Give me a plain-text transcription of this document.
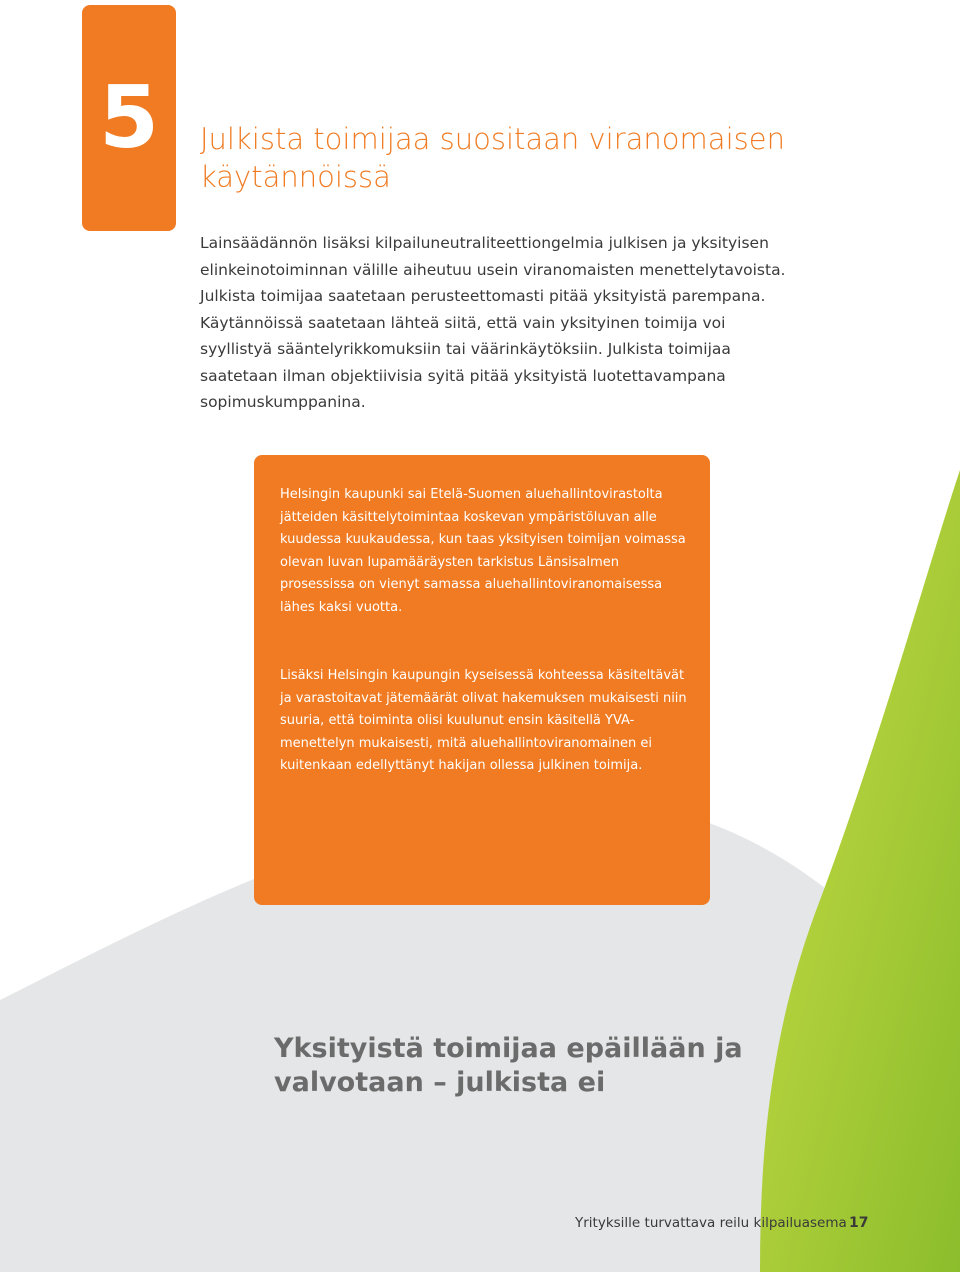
5	Julkista toimijaa suositaan viranomaisen käytännöissä

Lainsäädännön lisäksi kilpailuneutraliteettiongelmia julkisen ja yksityisen elinkeinotoiminnan välille aiheutuu usein viranomaisten menettelytavoista. Julkista toimijaa saatetaan perusteettomasti pitää yksityistä parempana. Käytännöissä saatetaan lähteä siitä, että vain yksityinen toimija voi syyllistyä sääntelyrikkomuksiin tai väärinkäytöksiin. Julkista toimijaa saatetaan ilman objektiivisia syitä pitää yksityistä luotettavampana sopimuskumppanina.

Helsingin kaupunki sai Etelä-Suomen aluehallintovirastolta jätteiden käsittelytoimintaa koskevan ympäristöluvan alle kuudessa kuukaudessa, kun taas yksityisen toimijan voimassa olevan luvan lupamääräysten tarkistus Länsisalmen prosessissa on vienyt samassa aluehallintoviranomaisessa lähes kaksi vuotta.

Lisäksi Helsingin kaupungin kyseisessä kohteessa käsiteltävät ja varastoitavat jätemäärät olivat hakemuksen mukaisesti niin suuria, että toiminta olisi kuulunut ensin käsitellä YVA-menettelyn mukaisesti, mitä aluehallintoviranomainen ei kuitenkaan edellyttänyt hakijan ollessa julkinen toimija.

Yksityistä toimijaa epäillään ja valvotaan – julkista ei

Yrityksille turvattava reilu kilpailuasema 17
